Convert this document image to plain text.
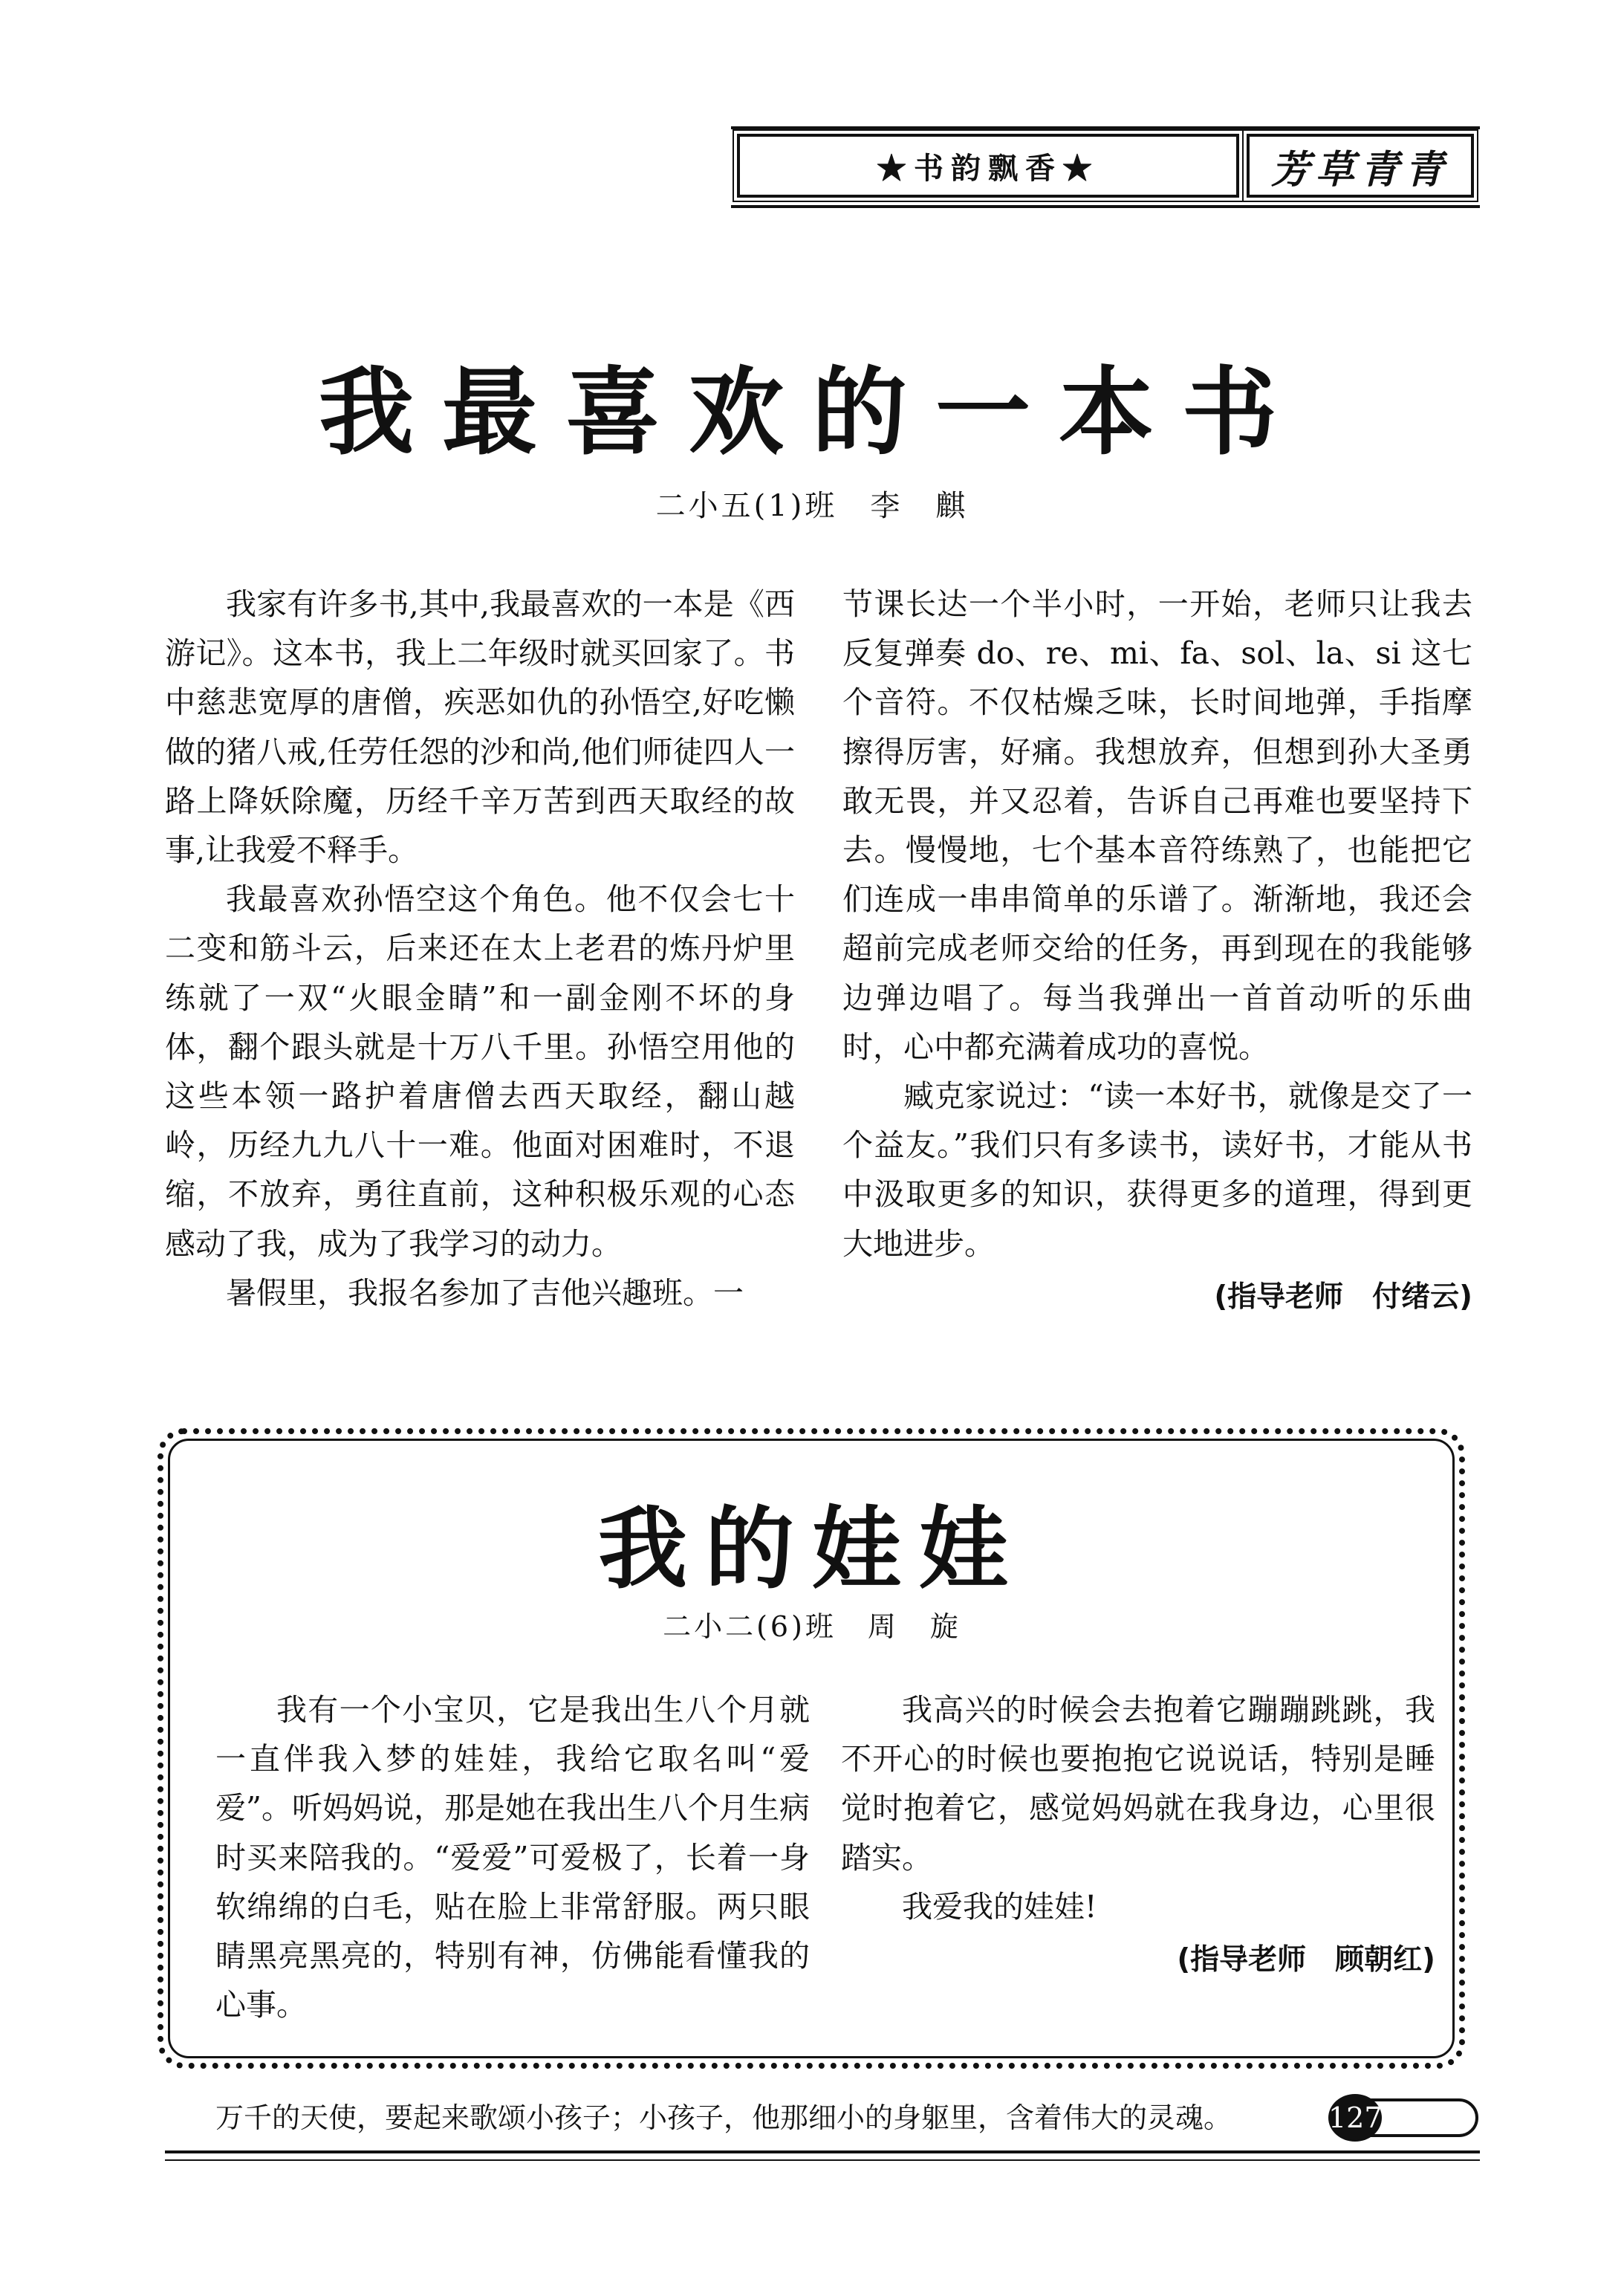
★书韵飘香★	芳草青青
我最喜欢的一本书
二小五(1)班　李　麒

我家有许多书,其中,我最喜欢的一本是《西游记》。这本书，我上二年级时就买回家了。书中慈悲宽厚的唐僧，疾恶如仇的孙悟空,好吃懒做的猪八戒,任劳任怨的沙和尚,他们师徒四人一路上降妖除魔，历经千辛万苦到西天取经的故事,让我爱不释手。

我最喜欢孙悟空这个角色。他不仅会七十二变和筋斗云，后来还在太上老君的炼丹炉里练就了一双“火眼金睛”和一副金刚不坏的身体，翻个跟头就是十万八千里。孙悟空用他的这些本领一路护着唐僧去西天取经，翻山越岭，历经九九八十一难。他面对困难时，不退缩，不放弃，勇往直前，这种积极乐观的心态感动了我，成为了我学习的动力。

暑假里，我报名参加了吉他兴趣班。一

节课长达一个半小时，一开始，老师只让我去反复弹奏 do、re、mi、fa、sol、la、si 这七个音符。不仅枯燥乏味，长时间地弹，手指摩擦得厉害，好痛。我想放弃，但想到孙大圣勇敢无畏，并又忍着，告诉自己再难也要坚持下去。慢慢地，七个基本音符练熟了，也能把它们连成一串串简单的乐谱了。渐渐地，我还会超前完成老师交给的任务，再到现在的我能够边弹边唱了。每当我弹出一首首动听的乐曲时，心中都充满着成功的喜悦。

臧克家说过：“读一本好书，就像是交了一个益友。”我们只有多读书，读好书，才能从书中汲取更多的知识，获得更多的道理，得到更大地进步。

(指导老师　付绪云)
我的娃娃
二小二(6)班　周　旋

我有一个小宝贝，它是我出生八个月就一直伴我入梦的娃娃，我给它取名叫“爱爱”。听妈妈说，那是她在我出生八个月生病时买来陪我的。“爱爱”可爱极了，长着一身软绵绵的白毛，贴在脸上非常舒服。两只眼睛黑亮黑亮的，特别有神，仿佛能看懂我的心事。

我高兴的时候会去抱着它蹦蹦跳跳，我不开心的时候也要抱抱它说说话，特别是睡觉时抱着它，感觉妈妈就在我身边，心里很踏实。

我爱我的娃娃!

(指导老师　顾朝红)
万千的天使，要起来歌颂小孩子；小孩子，他那细小的身躯里，含着伟大的灵魂。	127
